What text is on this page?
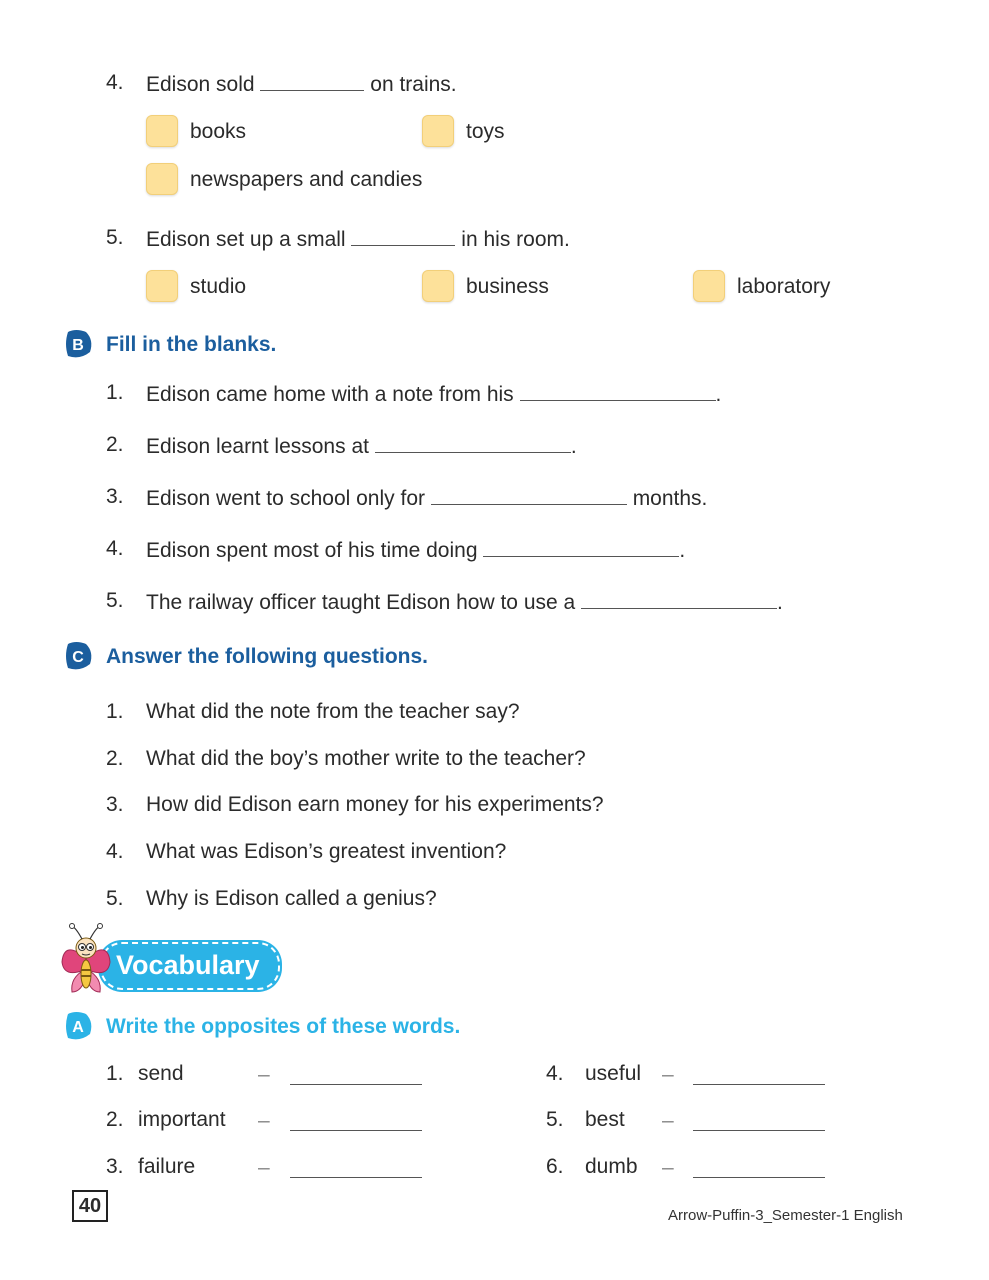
4. Edison sold	on trains.
books	toys
newspapers and candies
5. Edison set up a small	in his room.
studio	business	laboratory
B Fill in the blanks.
1. Edison came home with a note from his	.
2. Edison learnt lessons at	.
3. Edison went to school only for	months.
4. Edison spent most of his time doing	.
5. The railway officer taught Edison how to use a	.
C Answer the following questions.
1. What did the note from the teacher say?
2. What did the boy’s mother write to the teacher?
3. How did Edison earn money for his experiments?
4. What was Edison’s greatest invention?
5. Why is Edison called a genius?
Vocabulary
A Write the opposites of these words.
1. send	–
2. important –
3. failure	–
4. useful –
5. best –
6. dumb –
40	Arrow-Puffin-3_Semester-1 English
